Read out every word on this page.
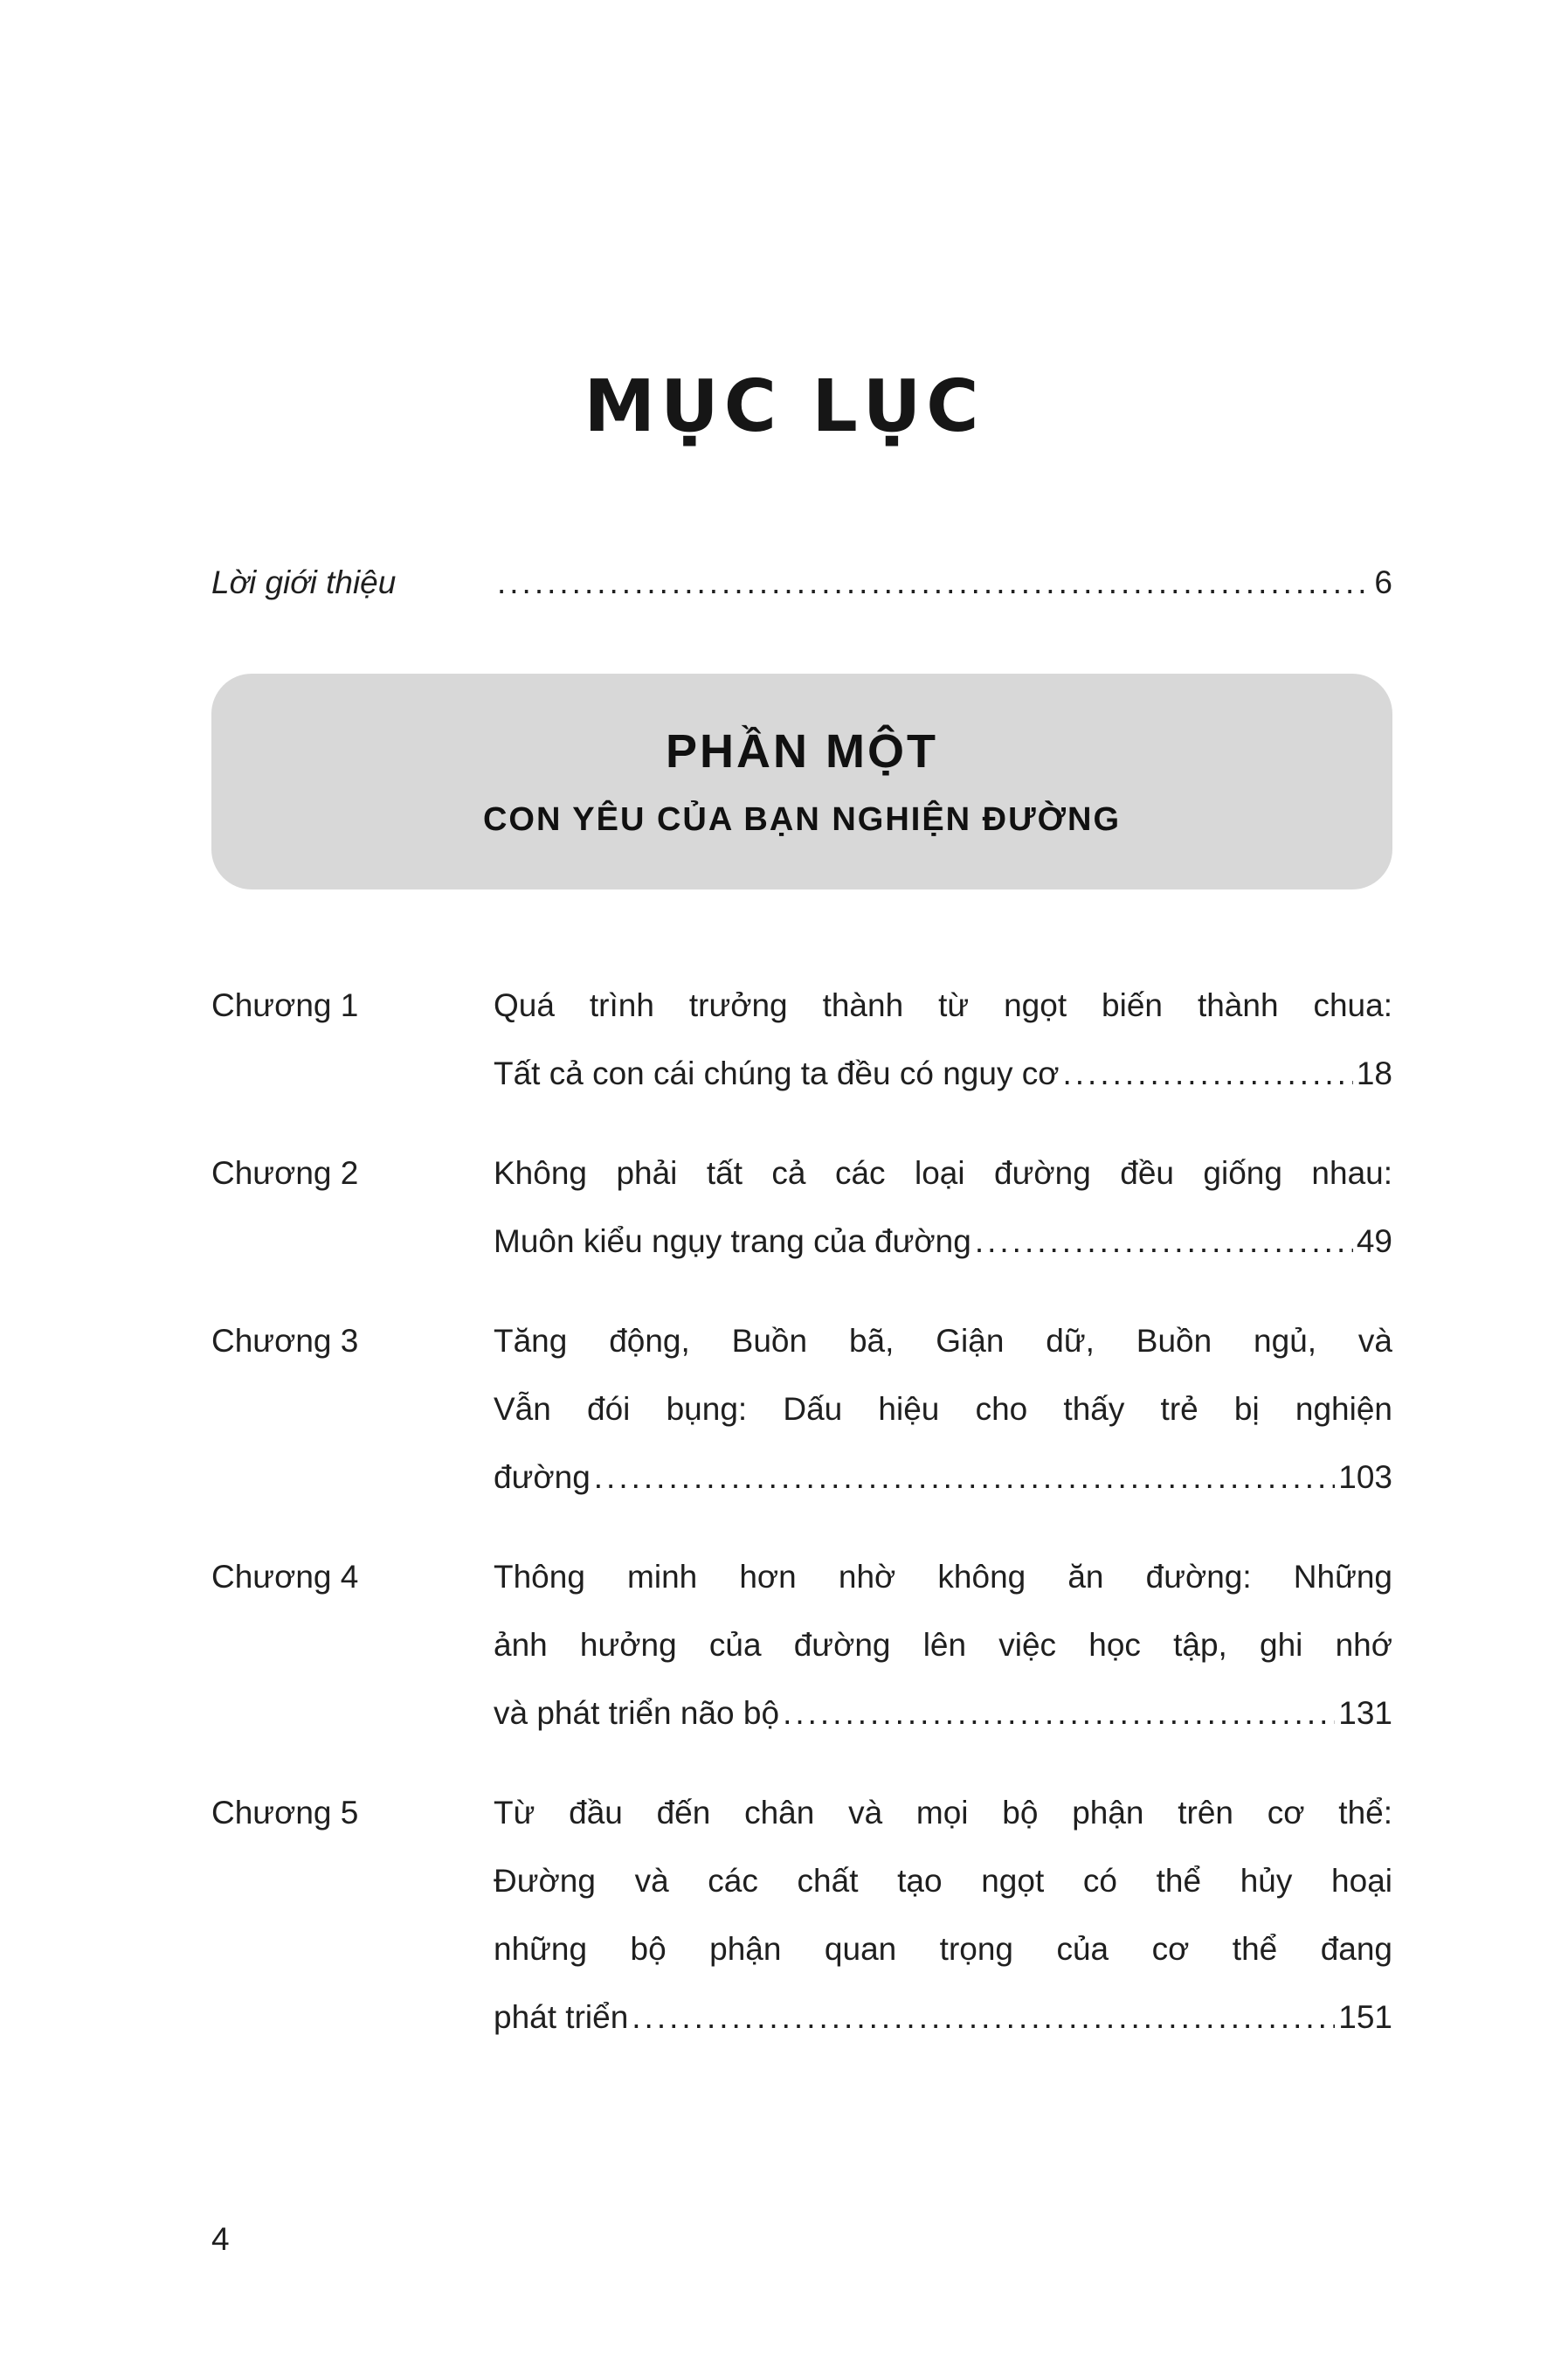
MỤC LỤC
Lời giới thiệu .....	6
PHẦN MỘT
CON YÊU CỦA BẠN NGHIỆN ĐƯỜNG
Chương 1	Quá trình trưởng thành từ ngọt biến thành chua:
Tất cả con cái chúng ta đều có nguy cơ .....	18
Chương 2	Không phải tất cả các loại đường đều giống nhau:
Muôn kiểu ngụy trang của đường .....	49
Chương 3	Tăng động, Buồn bã, Giận dữ, Buồn ngủ, và
Vẫn đói bụng: Dấu hiệu cho thấy trẻ bị nghiện
đường .....	103
Chương 4	Thông minh hơn nhờ không ăn đường: Những
ảnh hưởng của đường lên việc học tập, ghi nhớ
và phát triển não bộ .....	131
Chương 5	Từ đầu đến chân và mọi bộ phận trên cơ thể:
Đường và các chất tạo ngọt có thể hủy hoại
những bộ phận quan trọng của cơ thể đang
phát triển .....	151
4
